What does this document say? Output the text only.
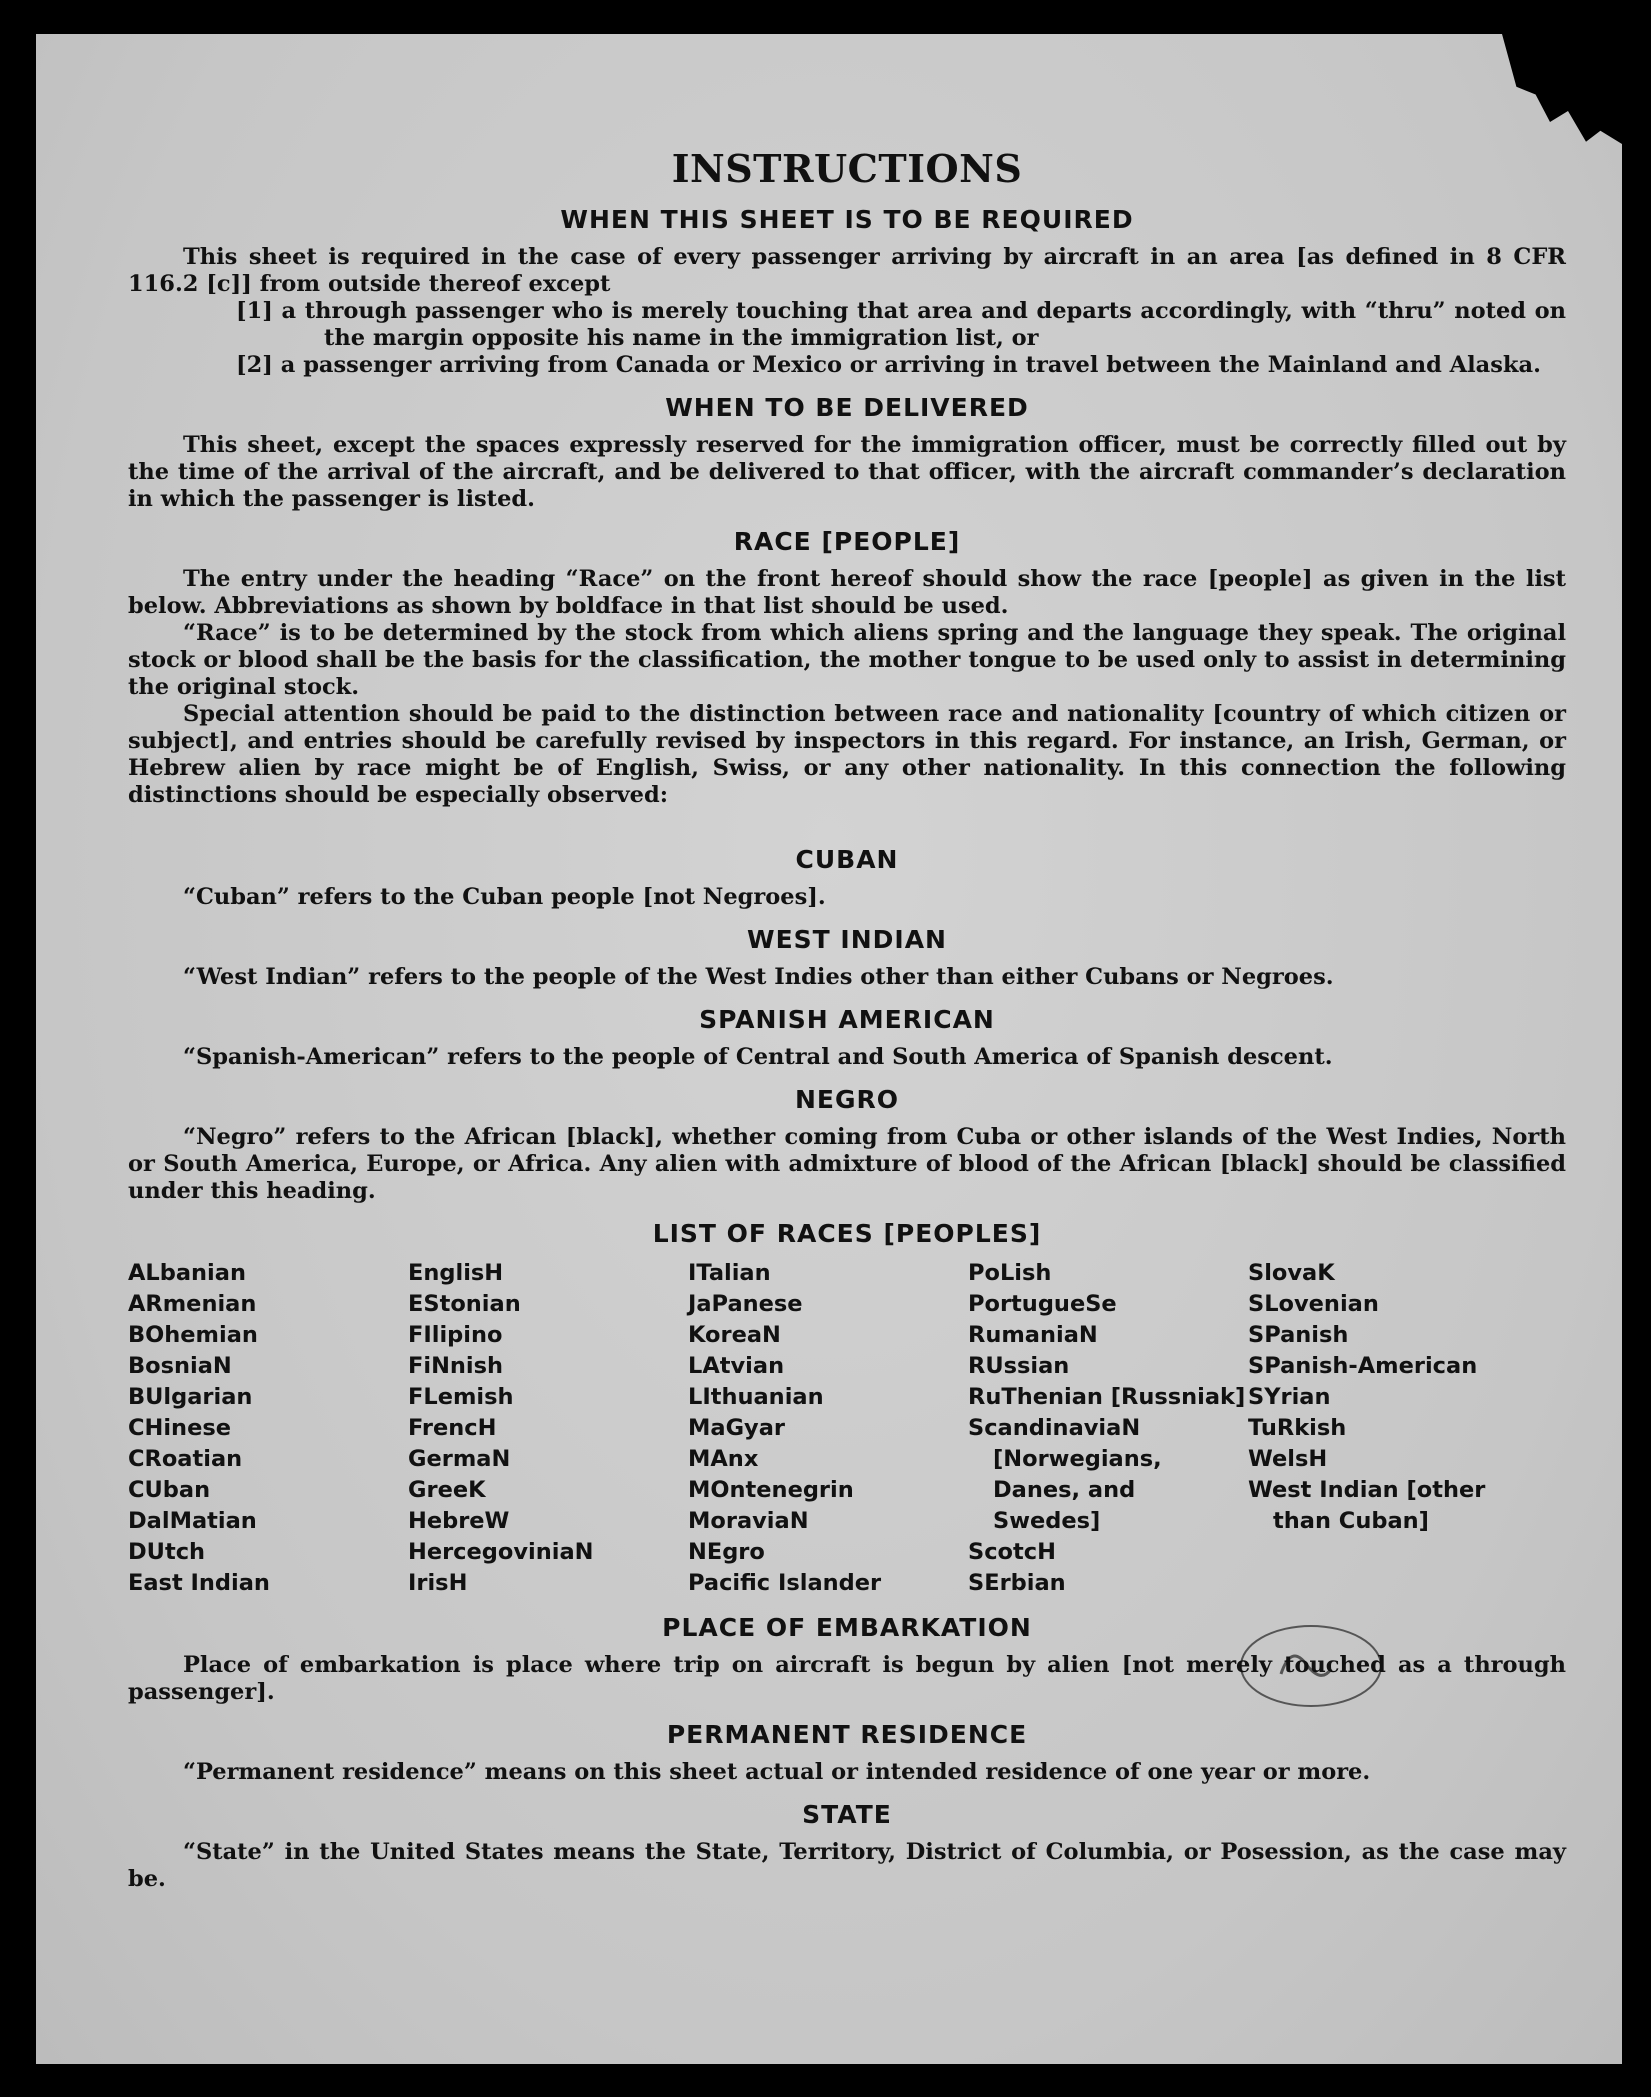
INSTRUCTIONS
WHEN THIS SHEET IS TO BE REQUIRED

This sheet is required in the case of every passenger arriving by aircraft in an area [as defined in 8 CFR 116.2 [c]] from outside thereof except

[1] a through passenger who is merely touching that area and departs accordingly, with “thru” noted on the margin opposite his name in the immigration list, or
[2] a passenger arriving from Canada or Mexico or arriving in travel between the Mainland and Alaska.
WHEN TO BE DELIVERED

This sheet, except the spaces expressly reserved for the immigration officer, must be correctly filled out by the time of the arrival of the aircraft, and be delivered to that officer, with the aircraft commander’s declaration in which the passenger is listed.

RACE [PEOPLE]

The entry under the heading “Race” on the front hereof should show the race [people] as given in the list below. Abbreviations as shown by boldface in that list should be used.

“Race” is to be determined by the stock from which aliens spring and the language they speak. The original stock or blood shall be the basis for the classification, the mother tongue to be used only to assist in determining the original stock.

Special attention should be paid to the distinction between race and nationality [country of which citizen or subject], and entries should be carefully revised by inspectors in this regard. For instance, an Irish, German, or Hebrew alien by race might be of English, Swiss, or any other nationality. In this connection the following distinctions should be especially observed:

CUBAN

“Cuban” refers to the Cuban people [not Negroes].

WEST INDIAN

“West Indian” refers to the people of the West Indies other than either Cubans or Negroes.

SPANISH AMERICAN

“Spanish-American” refers to the people of Central and South America of Spanish descent.

NEGRO

“Negro” refers to the African [black], whether coming from Cuba or other islands of the West Indies, North or South America, Europe, or Africa. Any alien with admixture of blood of the African [black] should be classified under this heading.

LIST OF RACES [PEOPLES]
ALbanian
ARmenian
BOhemian
BosniaN
BUlgarian
CHinese
CRoatian
CUban
DalMatian
DUtch
East Indian
EnglisH
EStonian
FIlipino
FiNnish
FLemish
FrencH
GermaN
GreeK
HebreW
HercegoviniaN
IrisH
ITalian
JaPanese
KoreaN
LAtvian
LIthuanian
MaGyar
MAnx
MOntenegrin
MoraviaN
NEgro
Pacific Islander
PoLish
PortugueSe
RumaniaN
RUssian
RuThenian [Russniak]
ScandinaviaN [Norwegians, Danes, and Swedes]
ScotcH
SErbian
SlovaK
SLovenian
SPanish
SPanish-American
SYrian
TuRkish
WelsH
West Indian [other than Cuban]
PLACE OF EMBARKATION

Place of embarkation is place where trip on aircraft is begun by alien [not merely touched as a through passenger].

PERMANENT RESIDENCE

“Permanent residence” means on this sheet actual or intended residence of one year or more.

STATE

“State” in the United States means the State, Territory, District of Columbia, or Posession, as the case may be.
